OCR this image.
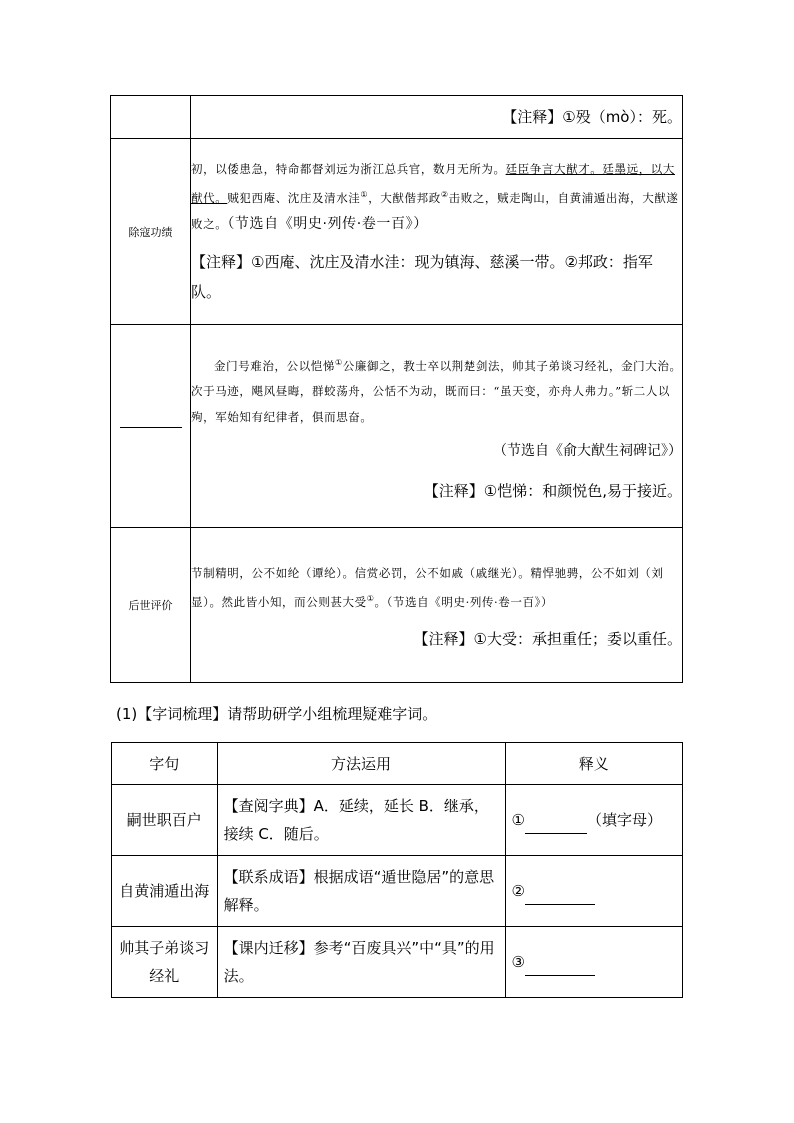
	【注释】①殁（mò）：死。

除寇功绩	初，以倭患急，特命都督刘远为浙江总兵官，数月无所为。廷臣争言大猷才。廷墨远，以大猷代。贼犯西庵、沈庄及清水洼①，大猷偕邦政②击败之，贼走陶山，自黄浦遁出海，大猷遂败之。（节选自《明史·列传·卷一百》）
【注释】①西庵、沈庄及清水洼：现为镇海、慈溪一带。②邦政：指军队。

	金门号难治，公以恺悌①公廉御之，教士卒以荆楚剑法，帅其子弟谈习经礼，金门大治。次于马迹，飓风昼晦，群蛟荡舟，公恬不为动，既而曰：“虽天变，亦舟人弗力。”斩二人以殉，军始知有纪律者，俱而思奋。
（节选自《俞大猷生祠碑记》）
【注释】①恺悌：和颜悦色,易于接近。

后世评价	节制精明，公不如纶（谭纶）。信赏必罚，公不如戚（戚继光）。精悍驰骋，公不如刘（刘显）。然此皆小知，而公则甚大受①。（节选自《明史·列传·卷一百》）
【注释】①大受：承担重任；委以重任。
(1)【字词梳理】请帮助研学小组梳理疑难字词。
字句	方法运用	释义
嗣世职百户	【查阅字典】A．延续，延长 B．继承，接续 C．随后。	① （填字母）
自黄浦遁出海	【联系成语】根据成语“遁世隐居”的意思解释。	②
帅其子弟谈习经礼	【课内迁移】参考“百废具兴”中“具”的用法。	③
